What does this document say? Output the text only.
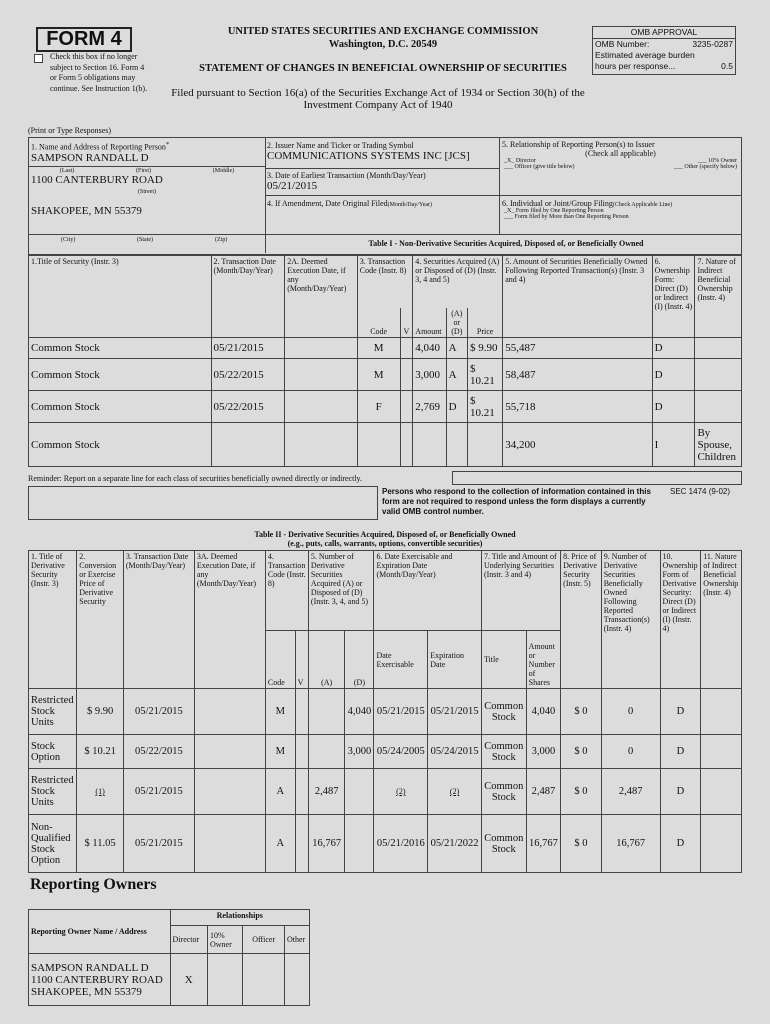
FORM 4
Check this box if no longer subject to Section 16. Form 4 or Form 5 obligations may continue. See Instruction 1(b).
UNITED STATES SECURITIES AND EXCHANGE COMMISSION
Washington, D.C. 20549
STATEMENT OF CHANGES IN BENEFICIAL OWNERSHIP OF SECURITIES
Filed pursuant to Section 16(a) of the Securities Exchange Act of 1934 or Section 30(h) of the Investment Company Act of 1940
OMB APPROVAL
OMB Number:	3235-0287
Estimated average burden
hours per response...	0.5
(Print or Type Responses)
1. Name and Address of Reporting Person*
SAMPSON RANDALL D
(Last)	(First)	(Middle)
1100 CANTERBURY ROAD
(Street)
SHAKOPEE, MN 55379
2. Issuer Name and Ticker or Trading Symbol
COMMUNICATIONS SYSTEMS INC [JCS]
3. Date of Earliest Transaction (Month/Day/Year)
05/21/2015
4. If Amendment, Date Original Filed(Month/Day/Year)
5. Relationship of Reporting Person(s) to Issuer
(Check all applicable)
_X_ Director	___ 10% Owner
___ Officer (give title below)	___ Other (specify below)
6. Individual or Joint/Group Filing(Check Applicable Line)
_X_ Form filed by One Reporting Person
___ Form filed by More than One Reporting Person
(City)	(State)	(Zip)	Table I - Non-Derivative Securities Acquired, Disposed of, or Beneficially Owned
1.Title of Security (Instr. 3)	2. Transaction Date (Month/Day/Year)	2A. Deemed Execution Date, if any (Month/Day/Year)	3. Transaction Code (Instr. 8)		4. Securities Acquired (A) or Disposed of (D) (Instr. 3, 4 and 5)			5. Amount of Securities Beneficially Owned Following Reported Transaction(s) (Instr. 3 and 4)	6. Ownership Form: Direct (D) or Indirect (I) (Instr. 4)	7. Nature of Indirect Beneficial Ownership (Instr. 4)
			Code	V	Amount	(A) or (D)	Price			
Common Stock	05/21/2015		M		4,040	A	$ 9.90	55,487	D	
Common Stock	05/22/2015		M		3,000	A	$ 10.21	58,487	D	
Common Stock	05/22/2015		F		2,769	D	$ 10.21	55,718	D	
Common Stock								34,200	I	By Spouse, Children
Reminder: Report on a separate line for each class of securities beneficially owned directly or indirectly.
Persons who respond to the collection of information contained in this form are not required to respond unless the form displays a currently valid OMB control number.
SEC 1474 (9-02)
Table II - Derivative Securities Acquired, Disposed of, or Beneficially Owned
(e.g., puts, calls, warrants, options, convertible securities)
1. Title of Derivative Security (Instr. 3)	2. Conversion or Exercise Price of Derivative Security	3. Transaction Date (Month/Day/Year)	3A. Deemed Execution Date, if any (Month/Day/Year)	4. Transaction Code (Instr. 8)		5. Number of Derivative Securities Acquired (A) or Disposed of (D) (Instr. 3, 4, and 5)		6. Date Exercisable and Expiration Date (Month/Day/Year)		7. Title and Amount of Underlying Securities (Instr. 3 and 4)		8. Price of Derivative Security (Instr. 5)	9. Number of Derivative Securities Beneficially Owned Following Reported Transaction(s) (Instr. 4)	10. Ownership Form of Derivative Security: Direct (D) or Indirect (I) (Instr. 4)	11. Nature of Indirect Beneficial Ownership (Instr. 4)
				Code	V	(A)	(D)	Date Exercisable	Expiration Date	Title	Amount or Number of Shares				
Restricted Stock Units	$ 9.90	05/21/2015		M			4,040	05/21/2015	05/21/2015	Common Stock	4,040	$ 0	0	D	
Stock Option	$ 10.21	05/22/2015		M			3,000	05/24/2005	05/24/2015	Common Stock	3,000	$ 0	0	D	
Restricted Stock Units	(1)	05/21/2015		A		2,487		(2)	(2)	Common Stock	2,487	$ 0	2,487	D	
Non-Qualified Stock Option	$ 11.05	05/21/2015		A		16,767		05/21/2016	05/21/2022	Common Stock	16,767	$ 0	16,767	D	
Reporting Owners
Reporting Owner Name / Address	Relationships			
	Director	10% Owner	Officer	Other

SAMPSON RANDALL D
1100 CANTERBURY ROAD
SHAKOPEE, MN 55379	X			
